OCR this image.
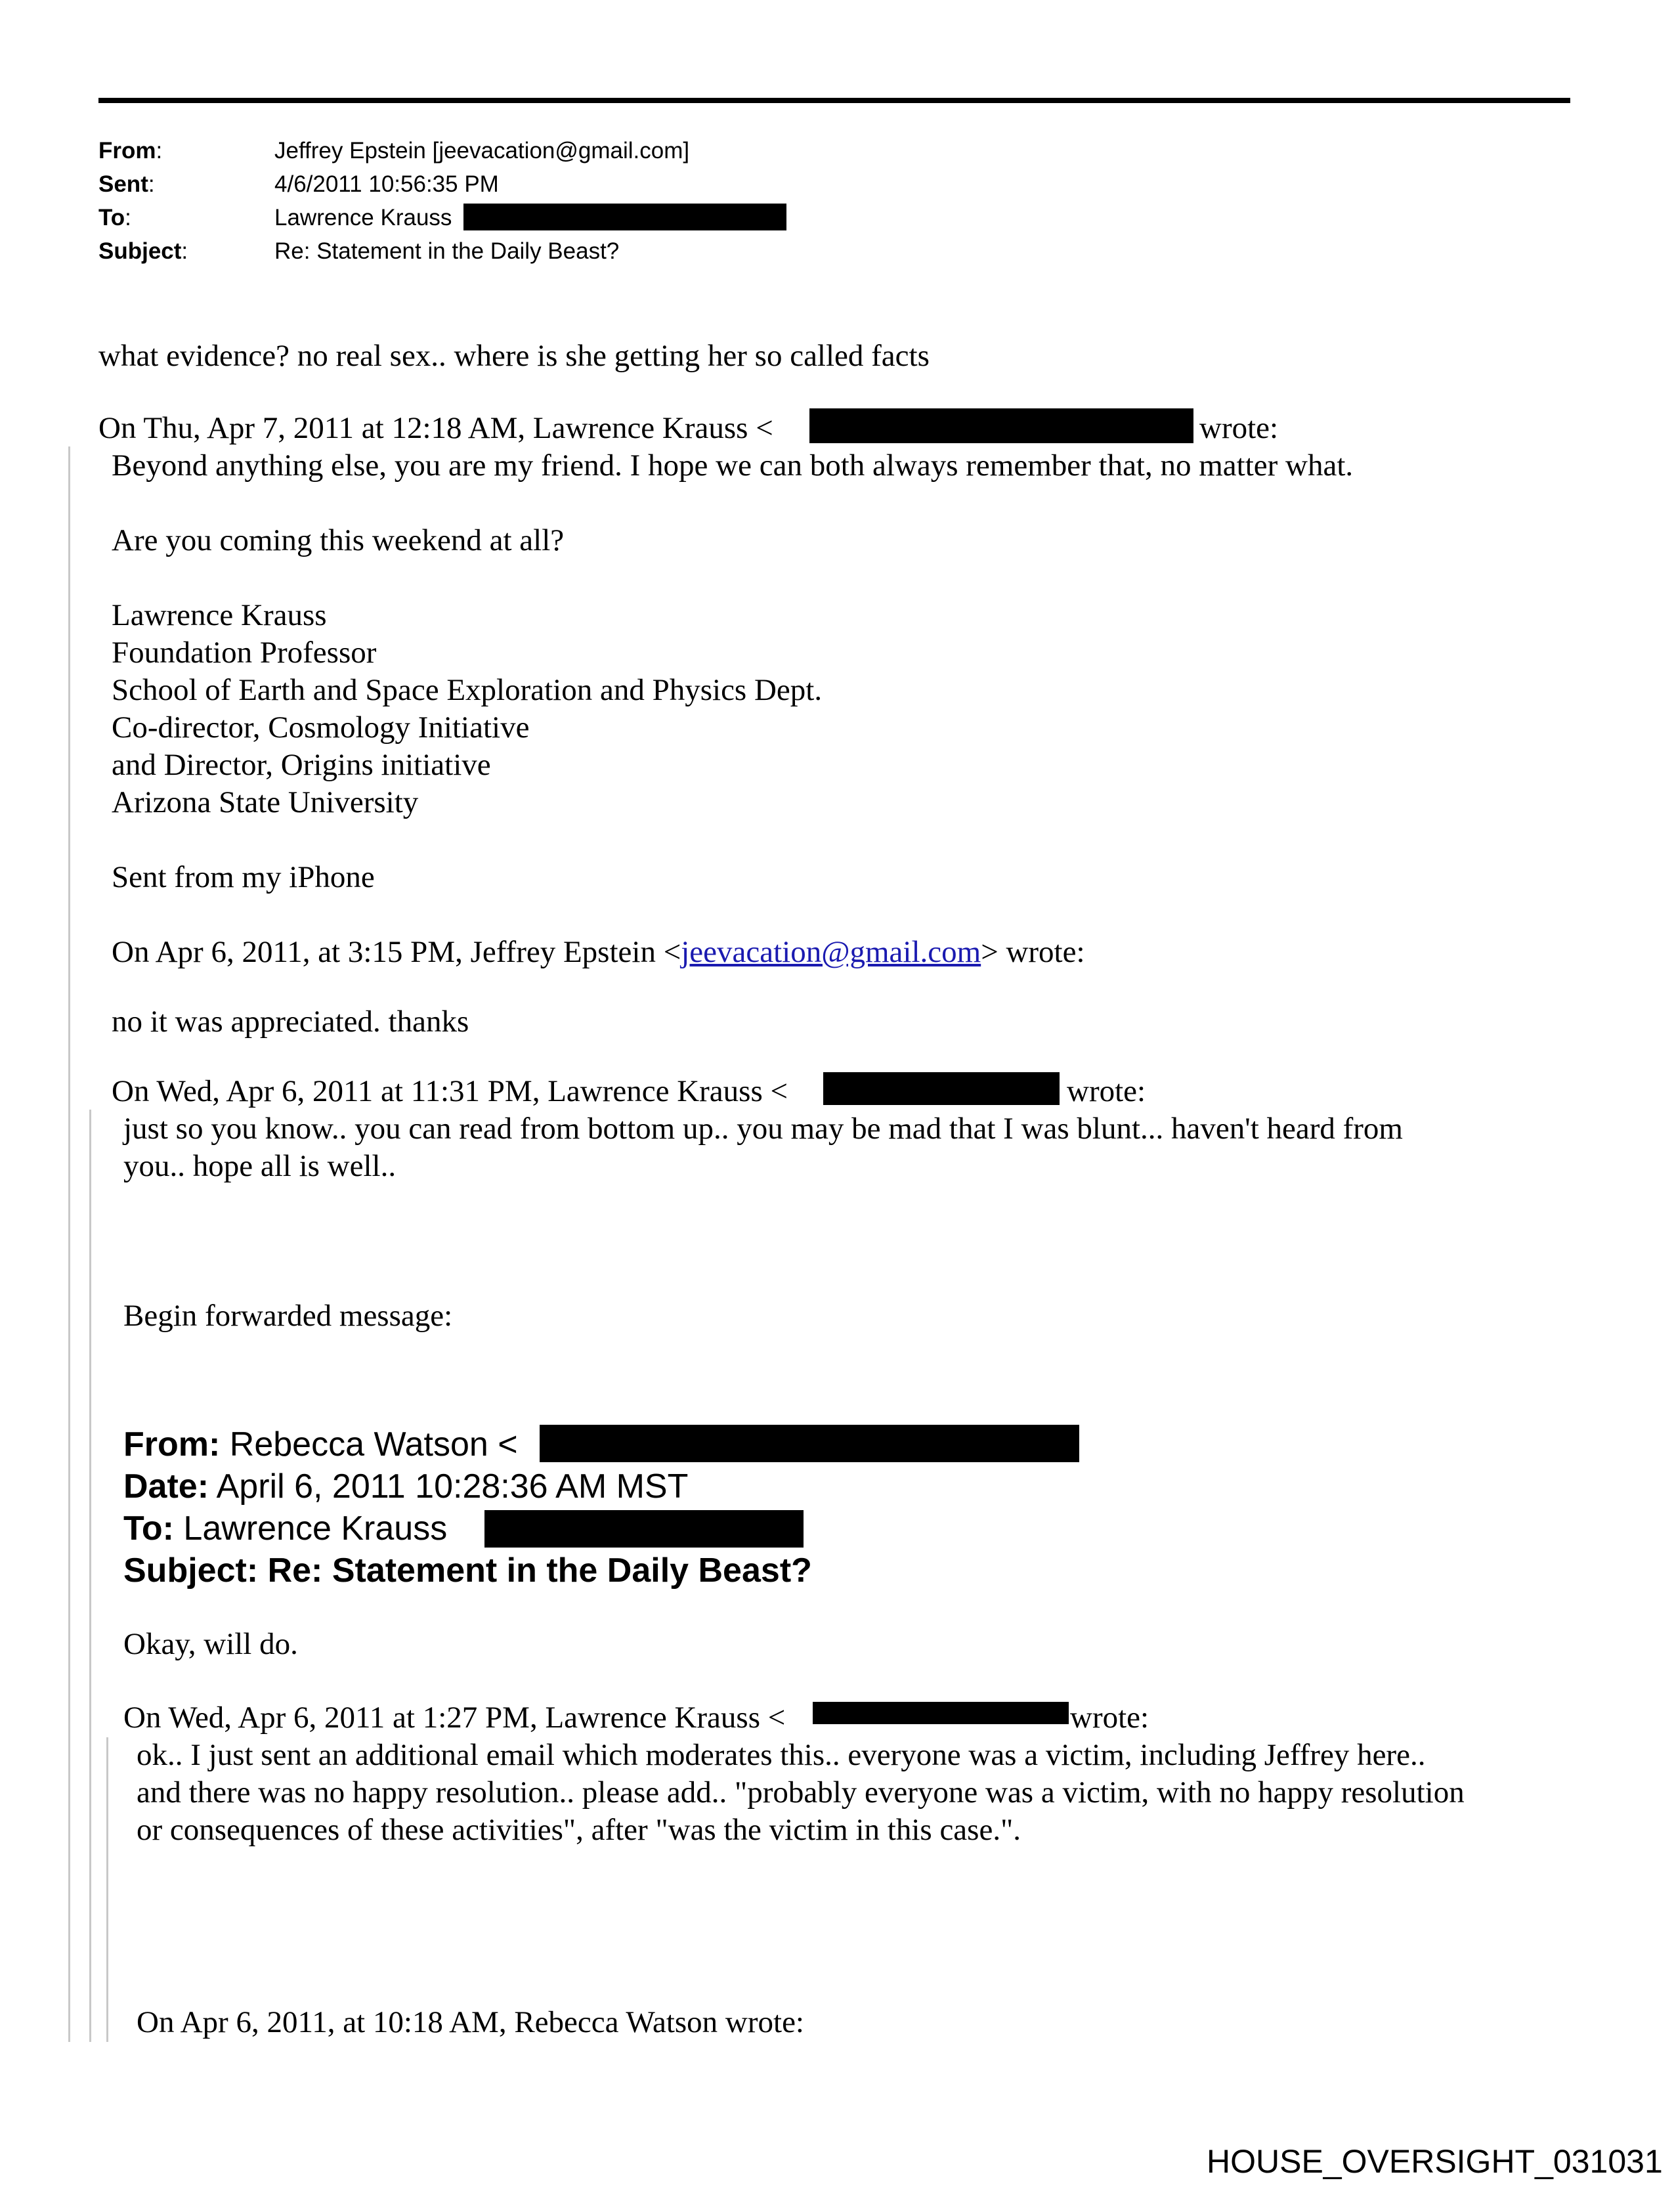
From:	Jeffrey Epstein [jeevacation@gmail.com]
Sent:	4/6/2011 10:56:35 PM
To:	Lawrence Krauss
Subject:	Re: Statement in the Daily Beast?
what evidence? no real sex.. where is she getting her so called facts
On Thu, Apr 7, 2011 at 12:18 AM, Lawrence Krauss <	wrote:
Beyond anything else, you are my friend. I hope we can both always remember that, no matter what.
Are you coming this weekend at all?
Lawrence Krauss
Foundation Professor
School of Earth and Space Exploration and Physics Dept.
Co-director, Cosmology Initiative
and Director, Origins initiative
Arizona State University
Sent from my iPhone
On Apr 6, 2011, at 3:15 PM, Jeffrey Epstein <jeevacation@gmail.com> wrote:
no it was appreciated. thanks
On Wed, Apr 6, 2011 at 11:31 PM, Lawrence Krauss <	wrote:
just so you know.. you can read from bottom up.. you may be mad that I was blunt... haven't heard from
you.. hope all is well..
Begin forwarded message:
From: Rebecca Watson <
Date: April 6, 2011 10:28:36 AM MST
To: Lawrence Krauss
Subject: Re: Statement in the Daily Beast?
Okay, will do.
On Wed, Apr 6, 2011 at 1:27 PM, Lawrence Krauss <	wrote:
ok.. I just sent an additional email which moderates this.. everyone was a victim, including Jeffrey here..
and there was no happy resolution.. please add.. "probably everyone was a victim, with no happy resolution
or consequences of these activities", after "was the victim in this case.".
On Apr 6, 2011, at 10:18 AM, Rebecca Watson wrote:
HOUSE_OVERSIGHT_031031
